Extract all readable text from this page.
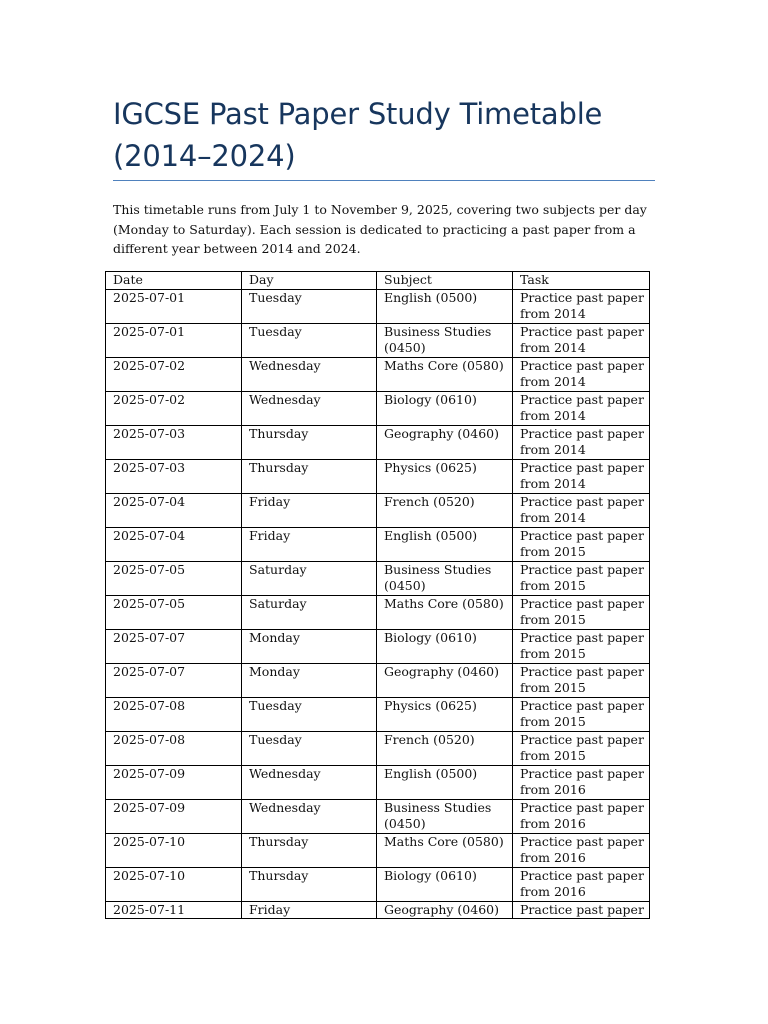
IGCSE Past Paper Study Timetable (2014–2024)

This timetable runs from July 1 to November 9, 2025, covering two subjects per day (Monday to Saturday). Each session is dedicated to practicing a past paper from a different year between 2014 and 2024.

Date	Day	Subject	Task
2025-07-01	Tuesday	English (0500)	Practice past paper from 2014
2025-07-01	Tuesday	Business Studies (0450)	Practice past paper from 2014
2025-07-02	Wednesday	Maths Core (0580)	Practice past paper from 2014
2025-07-02	Wednesday	Biology (0610)	Practice past paper from 2014
2025-07-03	Thursday	Geography (0460)	Practice past paper from 2014
2025-07-03	Thursday	Physics (0625)	Practice past paper from 2014
2025-07-04	Friday	French (0520)	Practice past paper from 2014
2025-07-04	Friday	English (0500)	Practice past paper from 2015
2025-07-05	Saturday	Business Studies (0450)	Practice past paper from 2015
2025-07-05	Saturday	Maths Core (0580)	Practice past paper from 2015
2025-07-07	Monday	Biology (0610)	Practice past paper from 2015
2025-07-07	Monday	Geography (0460)	Practice past paper from 2015
2025-07-08	Tuesday	Physics (0625)	Practice past paper from 2015
2025-07-08	Tuesday	French (0520)	Practice past paper from 2015
2025-07-09	Wednesday	English (0500)	Practice past paper from 2016
2025-07-09	Wednesday	Business Studies (0450)	Practice past paper from 2016
2025-07-10	Thursday	Maths Core (0580)	Practice past paper from 2016
2025-07-10	Thursday	Biology (0610)	Practice past paper from 2016
2025-07-11	Friday	Geography (0460)	Practice past paper
